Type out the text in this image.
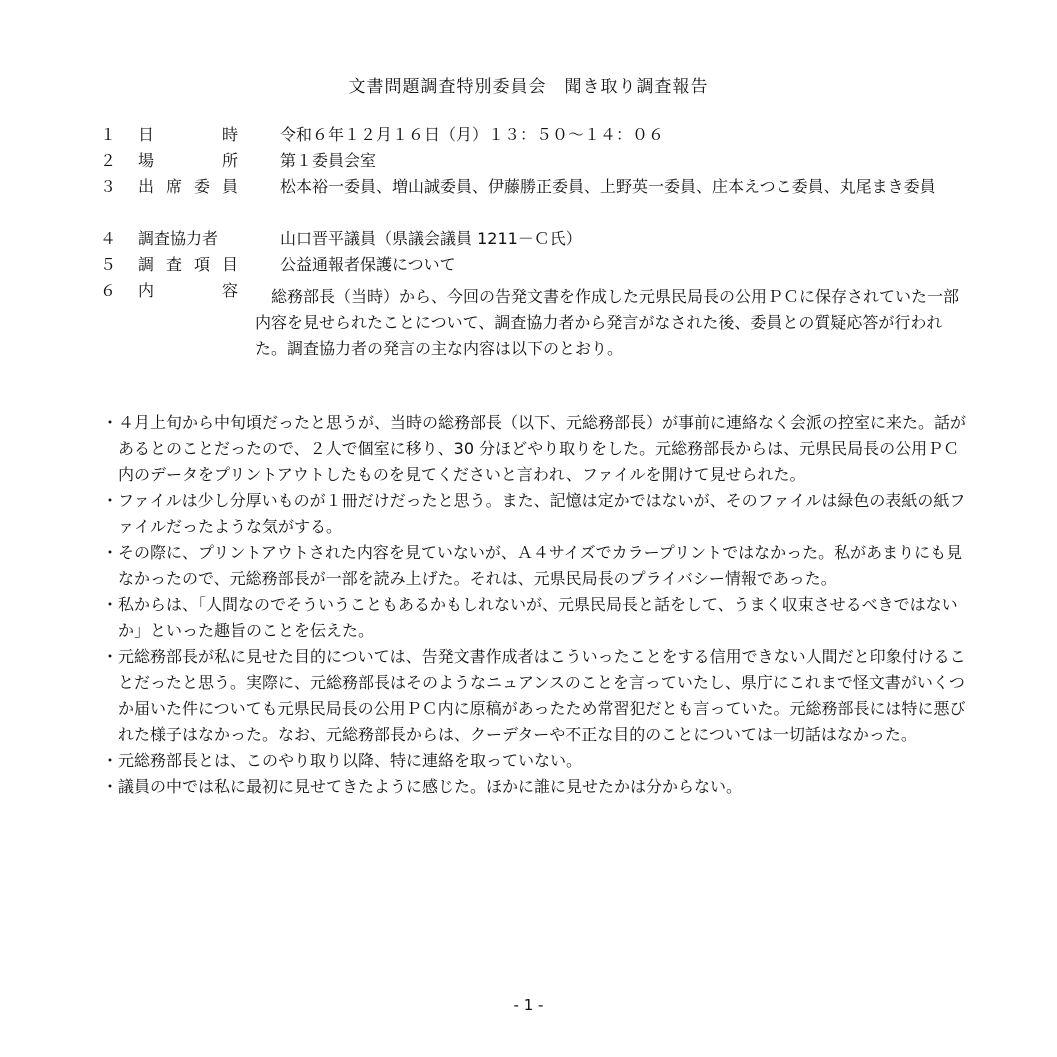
文書問題調査特別委員会　聞き取り調査報告
１ 日	時	令和６年１２月１６日（月）１３：５０〜１４：０６
２ 場	所	第１委員会室
３ 出 席 委 員	松本裕一委員、増山誠委員、伊藤勝正委員、上野英一委員、庄本えつこ委員、丸尾まき委員
４ 調査協力者	山口晋平議員（県議会議員 1211－Ｃ氏）
５ 調 査 項 目	公益通報者保護について
６ 内	容	総務部長（当時）から、今回の告発文書を作成した元県民局長の公用ＰＣに保存されていた一部内容を見せられたことについて、調査協力者から発言がなされた後、委員との質疑応答が行われた。調査協力者の発言の主な内容は以下のとおり。
・ ４月上旬から中旬頃だったと思うが、当時の総務部長（以下、元総務部長）が事前に連絡なく会派の控室に来た。話があるとのことだったので、２人で個室に移り、30 分ほどやり取りをした。元総務部長からは、元県民局長の公用ＰＣ内のデータをプリントアウトしたものを見てくださいと言われ、ファイルを開けて見せられた。
・ ファイルは少し分厚いものが１冊だけだったと思う。また、記憶は定かではないが、そのファイルは緑色の表紙の紙ファイルだったような気がする。
・ その際に、プリントアウトされた内容を見ていないが、Ａ４サイズでカラープリントではなかった。私があまりにも見なかったので、元総務部長が一部を読み上げた。それは、元県民局長のプライバシー情報であった。
・ 私からは、「人間なのでそういうこともあるかもしれないが、元県民局長と話をして、うまく収束させるべきではないか」といった趣旨のことを伝えた。
・ 元総務部長が私に見せた目的については、告発文書作成者はこういったことをする信用できない人間だと印象付けることだったと思う。実際に、元総務部長はそのようなニュアンスのことを言っていたし、県庁にこれまで怪文書がいくつか届いた件についても元県民局長の公用ＰＣ内に原稿があったため常習犯だとも言っていた。元総務部長には特に悪びれた様子はなかった。なお、元総務部長からは、クーデターや不正な目的のことについては一切話はなかった。
・ 元総務部長とは、このやり取り以降、特に連絡を取っていない。
・ 議員の中では私に最初に見せてきたように感じた。ほかに誰に見せたかは分からない。
- 1 -
